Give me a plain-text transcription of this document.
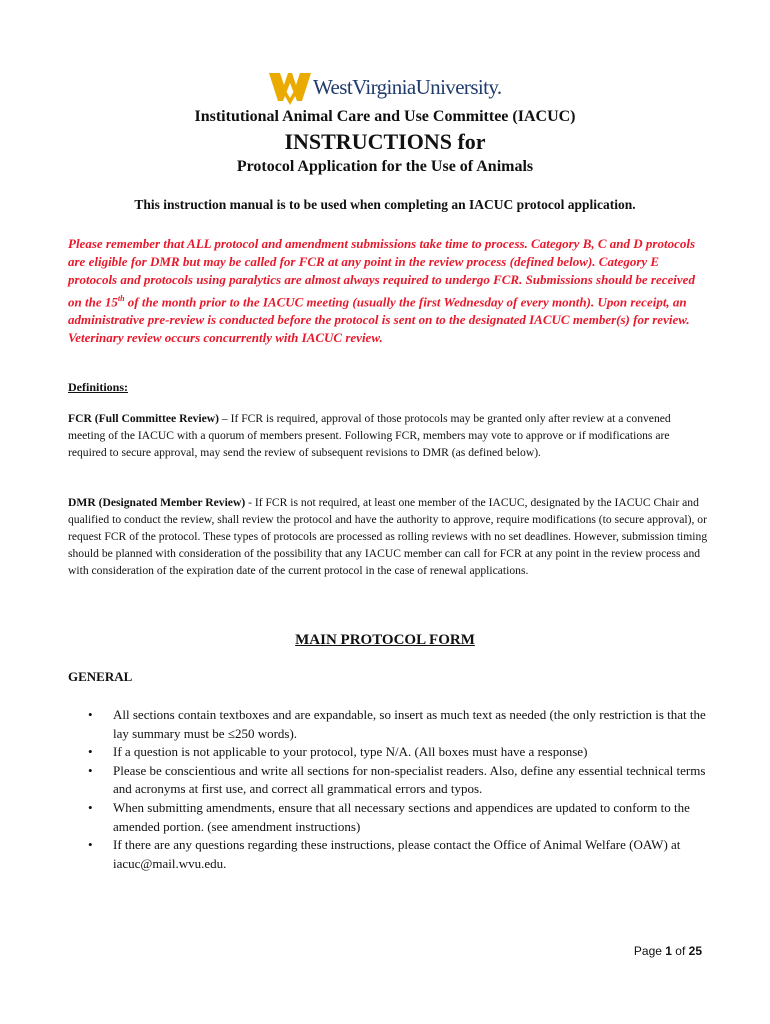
WestVirginiaUniversity.
Institutional Animal Care and Use Committee (IACUC)
INSTRUCTIONS for
Protocol Application for the Use of Animals
This instruction manual is to be used when completing an IACUC protocol application.
Please remember that ALL protocol and amendment submissions take time to process. Category B, C and D protocols are eligible for DMR but may be called for FCR at any point in the review process (defined below). Category E protocols and protocols using paralytics are almost always required to undergo FCR. Submissions should be received on the 15th of the month prior to the IACUC meeting (usually the first Wednesday of every month). Upon receipt, an administrative pre-review is conducted before the protocol is sent on to the designated IACUC member(s) for review. Veterinary review occurs concurrently with IACUC review.
Definitions:
FCR (Full Committee Review) – If FCR is required, approval of those protocols may be granted only after review at a convened meeting of the IACUC with a quorum of members present. Following FCR, members may vote to approve or if modifications are required to secure approval, may send the review of subsequent revisions to DMR (as defined below).
DMR (Designated Member Review) - If FCR is not required, at least one member of the IACUC, designated by the IACUC Chair and qualified to conduct the review, shall review the protocol and have the authority to approve, require modifications (to secure approval), or request FCR of the protocol. These types of protocols are processed as rolling reviews with no set deadlines. However, submission timing should be planned with consideration of the possibility that any IACUC member can call for FCR at any point in the review process and with consideration of the expiration date of the current protocol in the case of renewal applications.
MAIN PROTOCOL FORM
GENERAL
• All sections contain textboxes and are expandable, so insert as much text as needed (the only restriction is that the lay summary must be ≤250 words).
• If a question is not applicable to your protocol, type N/A. (All boxes must have a response)
• Please be conscientious and write all sections for non-specialist readers. Also, define any essential technical terms and acronyms at first use, and correct all grammatical errors and typos.
• When submitting amendments, ensure that all necessary sections and appendices are updated to conform to the amended portion. (see amendment instructions)
• If there are any questions regarding these instructions, please contact the Office of Animal Welfare (OAW) at iacuc@mail.wvu.edu.
Page 1 of 25
